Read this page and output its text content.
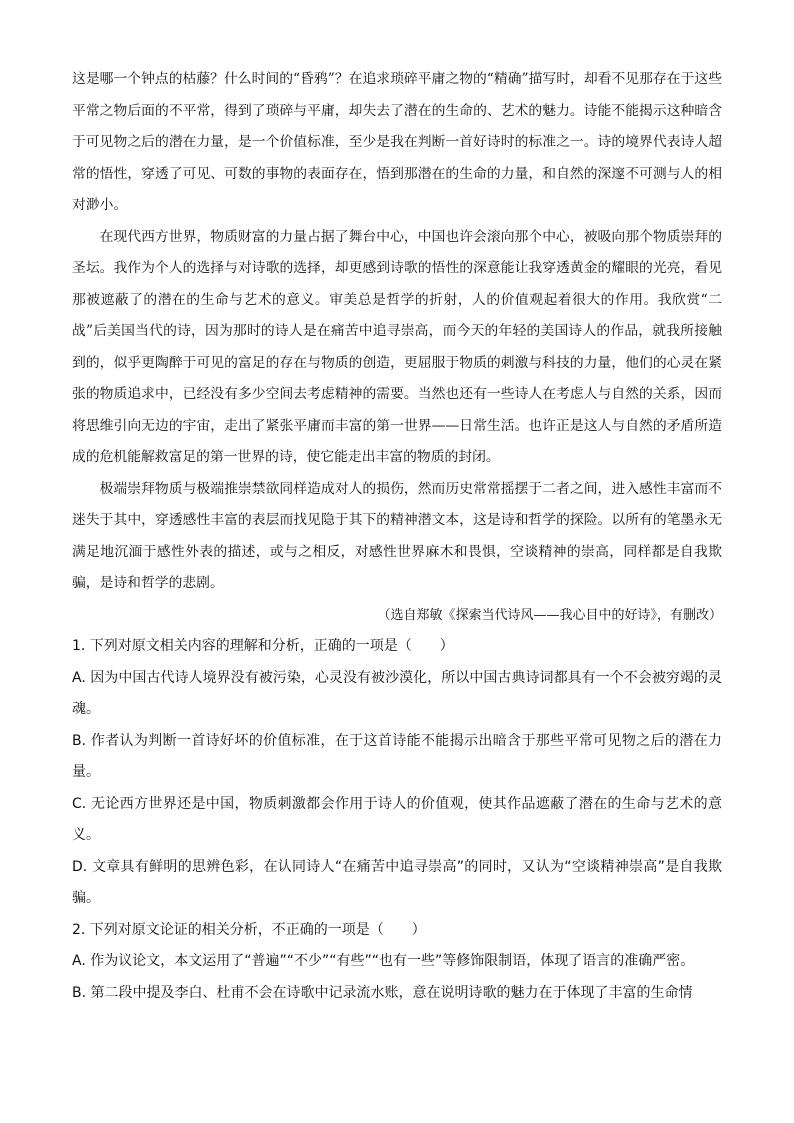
这是哪一个钟点的枯藤？什么时间的“昏鸦”？在追求琐碎平庸之物的“精确”描写时，却看不见那存在于这些平常之物后面的不平常，得到了琐碎与平庸，却失去了潜在的生命的、艺术的魅力。诗能不能揭示这种暗含于可见物之后的潜在力量，是一个价值标准，至少是我在判断一首好诗时的标准之一。诗的境界代表诗人超常的悟性，穿透了可见、可数的事物的表面存在，悟到那潜在的生命的力量，和自然的深邃不可测与人的相对渺小。

在现代西方世界，物质财富的力量占据了舞台中心，中国也许会滚向那个中心，被吸向那个物质崇拜的圣坛。我作为个人的选择与对诗歌的选择，却更感到诗歌的悟性的深意能让我穿透黄金的耀眼的光亮，看见那被遮蔽了的潜在的生命与艺术的意义。审美总是哲学的折射，人的价值观起着很大的作用。我欣赏“二战”后美国当代的诗，因为那时的诗人是在痛苦中追寻崇高，而今天的年轻的美国诗人的作品，就我所接触到的，似乎更陶醉于可见的富足的存在与物质的创造，更屈服于物质的刺激与科技的力量，他们的心灵在紧张的物质追求中，已经没有多少空间去考虑精神的需要。当然也还有一些诗人在考虑人与自然的关系，因而将思维引向无边的宇宙，走出了紧张平庸而丰富的第一世界——日常生活。也许正是这人与自然的矛盾所造成的危机能解救富足的第一世界的诗，使它能走出丰富的物质的封闭。

极端崇拜物质与极端推崇禁欲同样造成对人的损伤，然而历史常常摇摆于二者之间，进入感性丰富而不迷失于其中，穿透感性丰富的表层而找见隐于其下的精神潜文本，这是诗和哲学的探险。以所有的笔墨永无满足地沉湎于感性外表的描述，或与之相反，对感性世界麻木和畏惧，空谈精神的崇高，同样都是自我欺骗，是诗和哲学的悲剧。

（选自郑敏《探索当代诗风——我心目中的好诗》，有删改）

1. 下列对原文相关内容的理解和分析，正确的一项是（　　）

A. 因为中国古代诗人境界没有被污染，心灵没有被沙漠化，所以中国古典诗词都具有一个不会被穷竭的灵魂。

B. 作者认为判断一首诗好坏的价值标准，在于这首诗能不能揭示出暗含于那些平常可见物之后的潜在力量。

C. 无论西方世界还是中国，物质刺激都会作用于诗人的价值观，使其作品遮蔽了潜在的生命与艺术的意义。

D. 文章具有鲜明的思辨色彩，在认同诗人“在痛苦中追寻崇高”的同时，又认为“空谈精神崇高”是自我欺骗。

2. 下列对原文论证的相关分析，不正确的一项是（　　）

A. 作为议论文，本文运用了“普遍”“不少”“有些”“也有一些”等修饰限制语，体现了语言的准确严密。

B. 第二段中提及李白、杜甫不会在诗歌中记录流水账，意在说明诗歌的魅力在于体现了丰富的生命情
